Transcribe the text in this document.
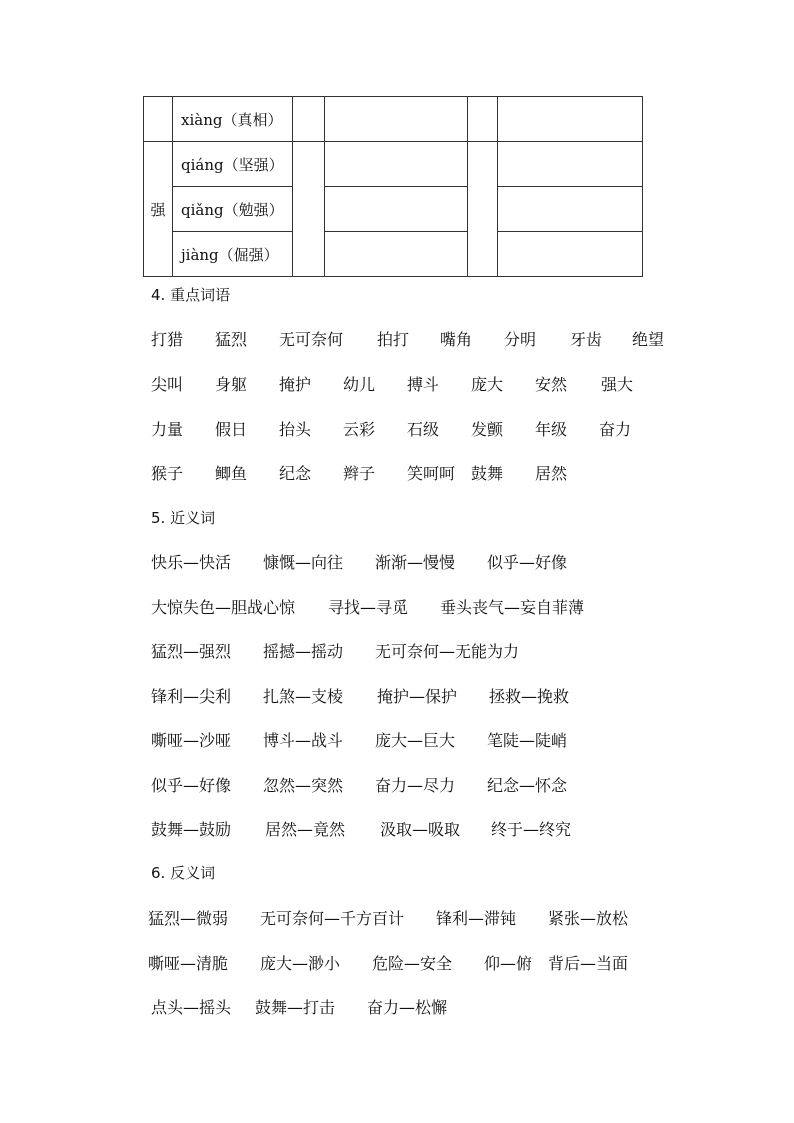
	xiàng（真相）				
强	qiáng（坚强）				
	qiǎng（勉强）				
	jiàng（倔强）				
4. 重点词语
打猎 猛烈 无可奈何 拍打 嘴角 分明 牙齿 绝望
尖叫 身躯 掩护 幼儿 搏斗 庞大 安然 强大
力量 假日 抬头 云彩 石级 发颤 年级 奋力
猴子 鲫鱼 纪念 辫子 笑呵呵 鼓舞 居然
5. 近义词
快乐—快活 慷慨—向往 渐渐—慢慢 似乎—好像
大惊失色—胆战心惊 寻找—寻觅 垂头丧气—妄自菲薄
猛烈—强烈 摇撼—摇动 无可奈何—无能为力
锋利—尖利 扎煞—支棱 掩护—保护 拯救—挽救
嘶哑—沙哑 博斗—战斗 庞大—巨大 笔陡—陡峭
似乎—好像 忽然—突然 奋力—尽力 纪念—怀念
鼓舞—鼓励 居然—竟然 汲取—吸取 终于—终究
6. 反义词
猛烈—微弱 无可奈何—千方百计 锋利—滞钝 紧张—放松
嘶哑—清脆 庞大—渺小 危险—安全 仰—俯 背后—当面
点头—摇头 鼓舞—打击 奋力—松懈
